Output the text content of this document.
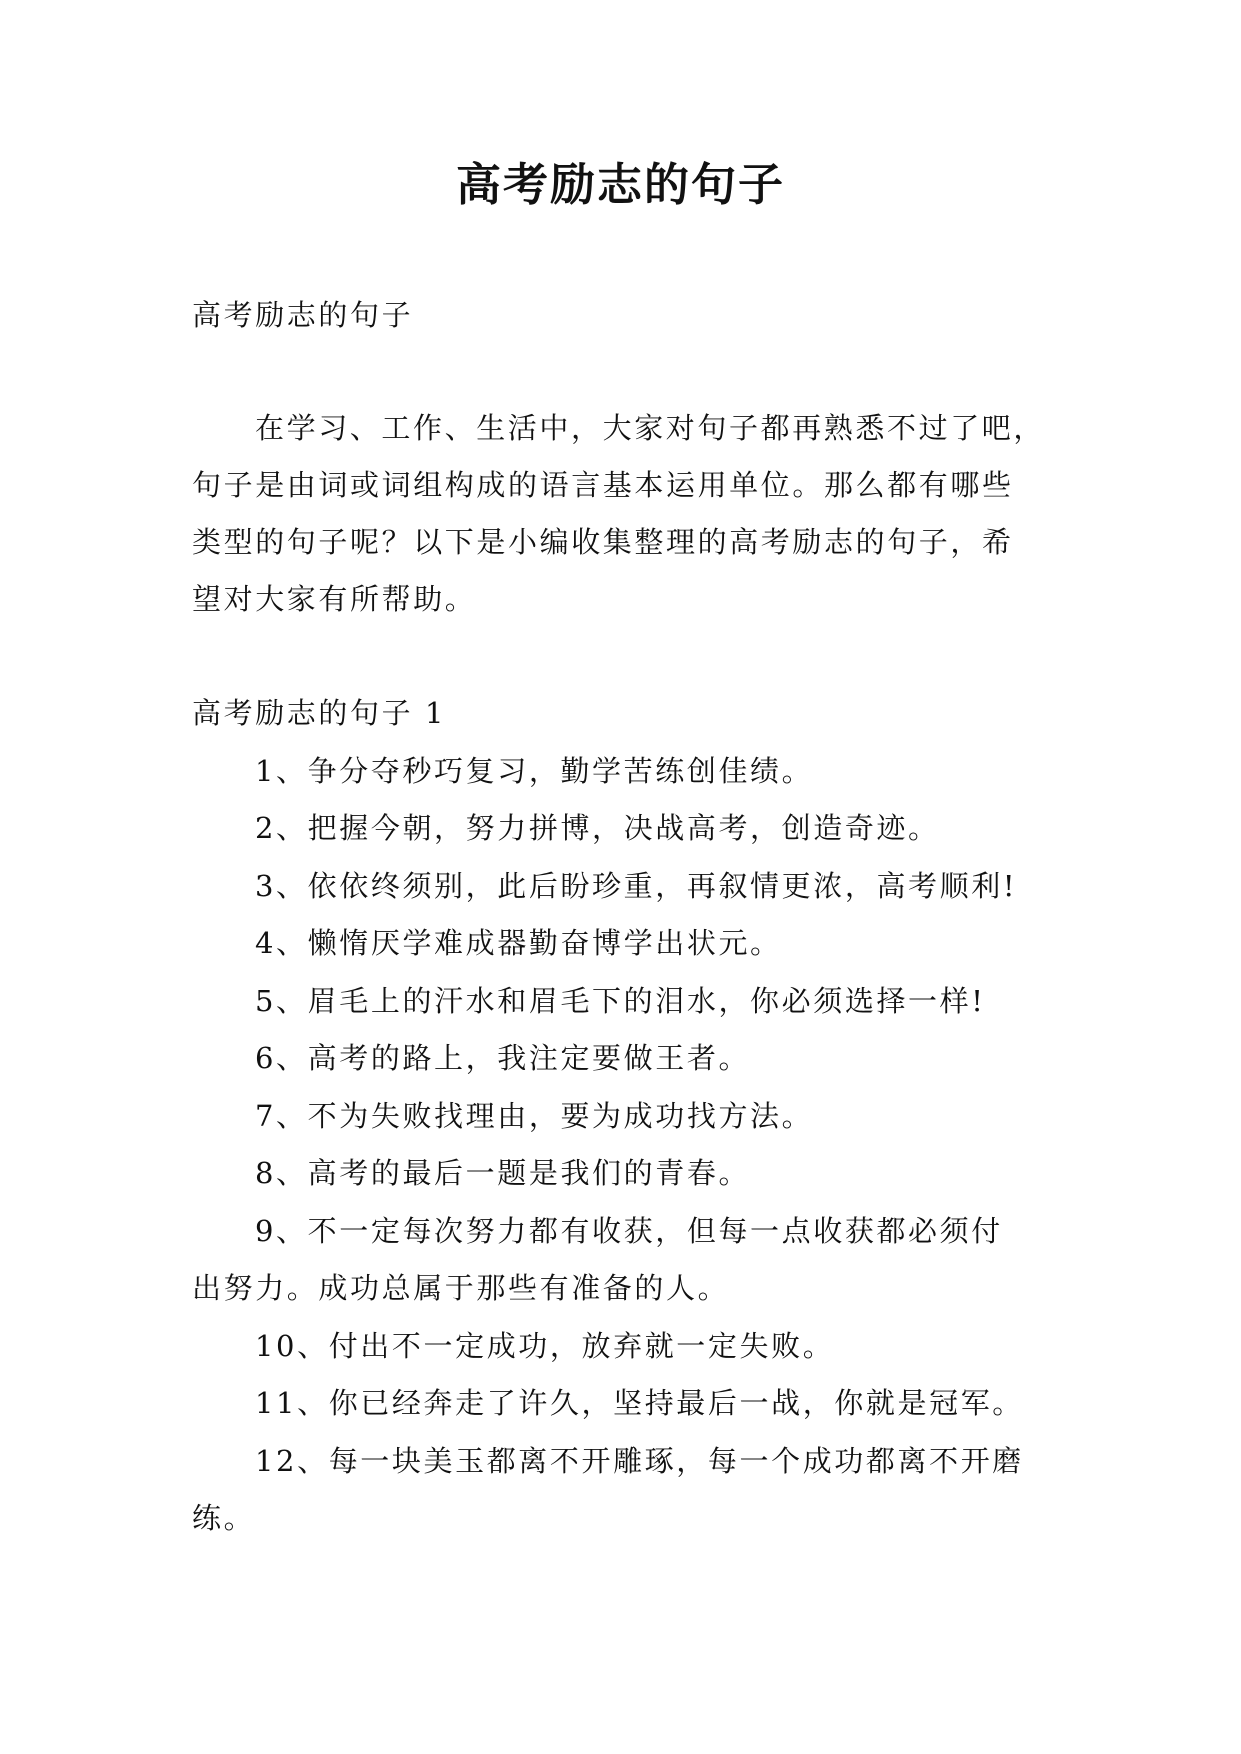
高考励志的句子
高考励志的句子
在学习、工作、生活中，大家对句子都再熟悉不过了吧，
句子是由词或词组构成的语言基本运用单位。那么都有哪些
类型的句子呢？以下是小编收集整理的高考励志的句子，希
望对大家有所帮助。
高考励志的句子 1
1、争分夺秒巧复习，勤学苦练创佳绩。
2、把握今朝，努力拼博，决战高考，创造奇迹。
3、依依终须别，此后盼珍重，再叙情更浓，高考顺利!
4、懒惰厌学难成器勤奋博学出状元。
5、眉毛上的汗水和眉毛下的泪水，你必须选择一样!
6、高考的路上，我注定要做王者。
7、不为失败找理由，要为成功找方法。
8、高考的最后一题是我们的青春。
9、不一定每次努力都有收获，但每一点收获都必须付
出努力。成功总属于那些有准备的人。
10、付出不一定成功，放弃就一定失败。
11、你已经奔走了许久，坚持最后一战，你就是冠军。
12、每一块美玉都离不开雕琢，每一个成功都离不开磨
练。
